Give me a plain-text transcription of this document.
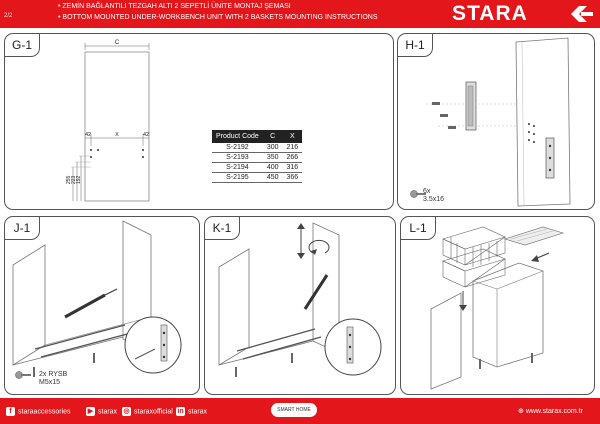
2/2
• ZEMİN BAĞLANTILI TEZGAH ALTI 2 SEPETLİ ÜNİTE MONTAJ ŞEMASI
• BOTTOM MOUNTED UNDER-WORKBENCH UNIT WITH 2 BASKETS MOUNTING INSTRUCTIONS	STARA
G-1	C
42	X	42
255 223 192
Product Code	C	X
S-2192	300	216
S-2193	350	266
S-2194	400	316
S-2195	450	366
H-1
6x
3.5x16
J-1
2x RYSB
M5x15
K-1	L-1
f staraaccessories ▶ starax ◎ staraxofficial in starax	SMART HOME	⊕ www.starax.com.tr
